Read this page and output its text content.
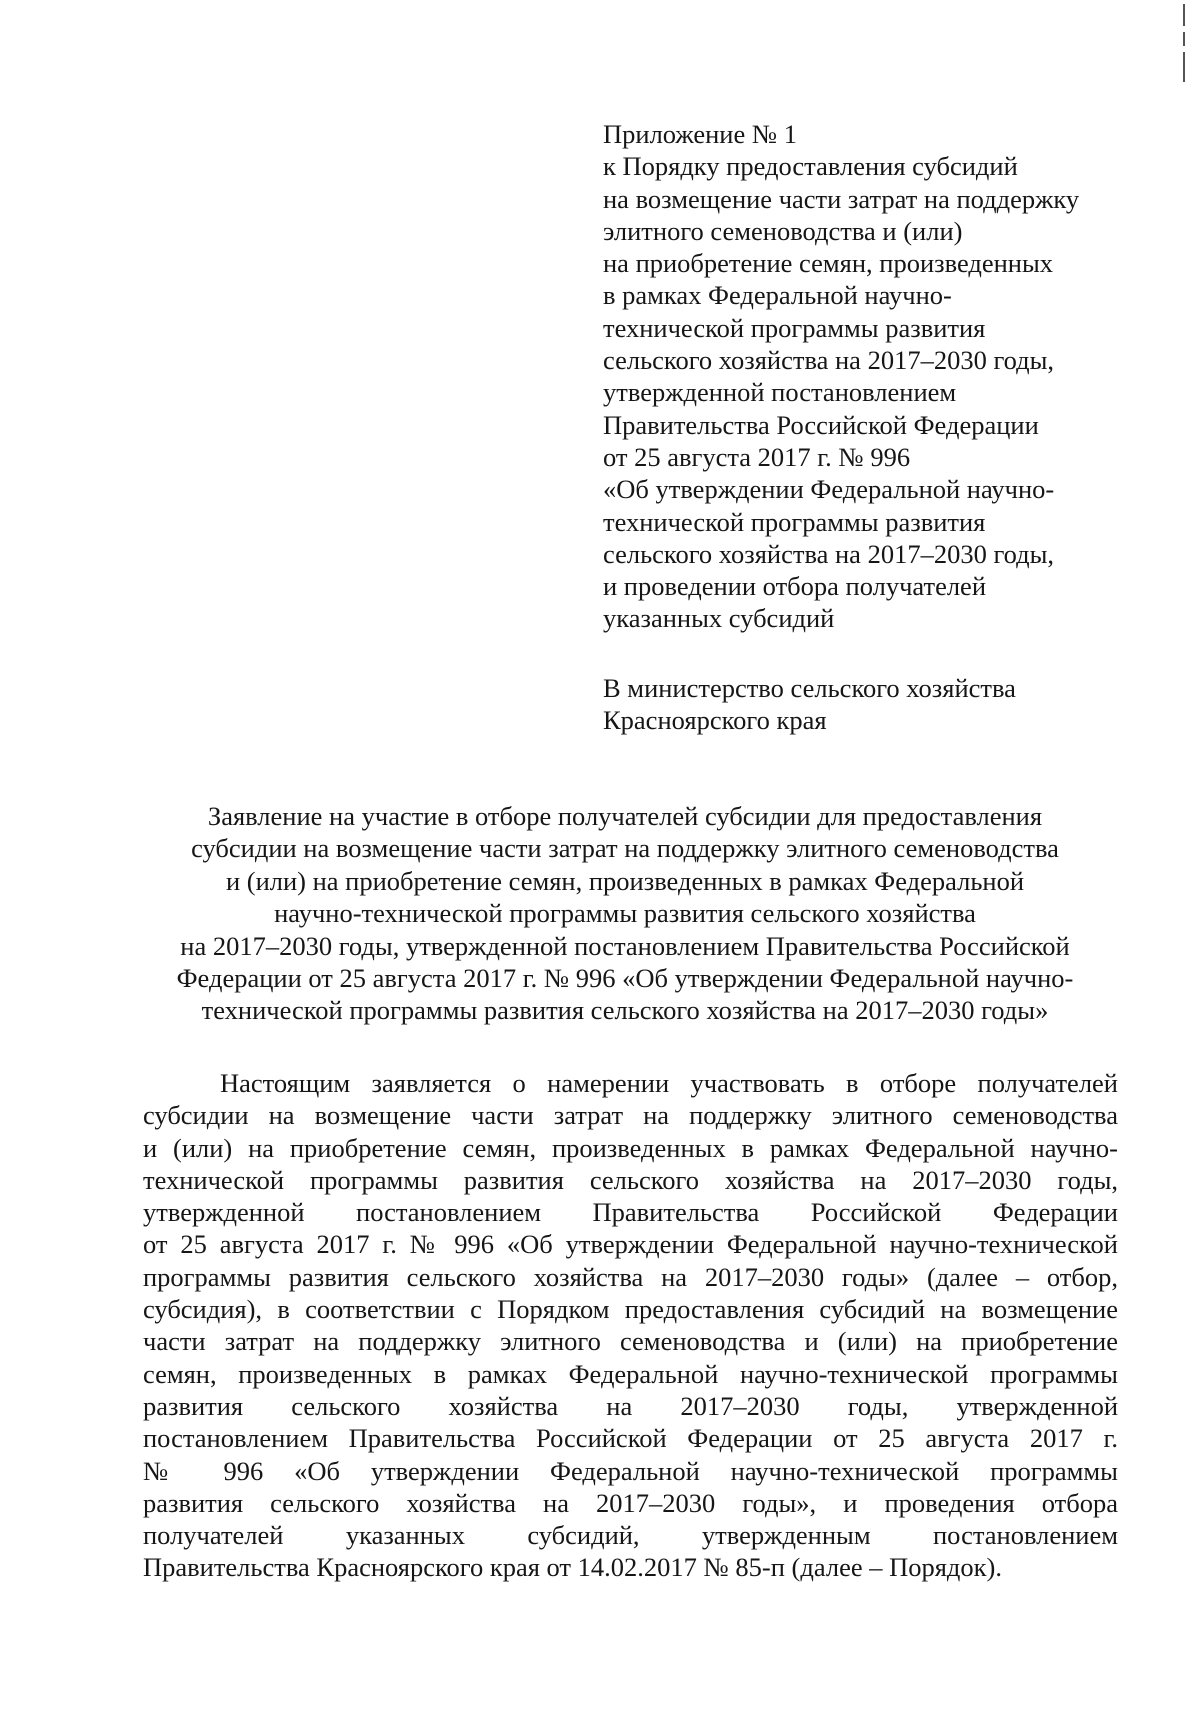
Приложение № 1
к Порядку предоставления субсидий
на возмещение части затрат на поддержку
элитного семеноводства и (или)
на приобретение семян, произведенных
в рамках Федеральной научно-
технической программы развития
сельского хозяйства на 2017–2030 годы,
утвержденной постановлением
Правительства Российской Федерации
от 25 августа 2017 г. № 996
«Об утверждении Федеральной научно-
технической программы развития
сельского хозяйства на 2017–2030 годы,
и проведении отбора получателей
указанных субсидий
В министерство сельского хозяйства
Красноярского края
Заявление на участие в отборе получателей субсидии для предоставления
субсидии на возмещение части затрат на поддержку элитного семеноводства
и (или) на приобретение семян, произведенных в рамках Федеральной
научно-технической программы развития сельского хозяйства
на 2017–2030 годы, утвержденной постановлением Правительства Российской
Федерации от 25 августа 2017 г. № 996 «Об утверждении Федеральной научно-
технической программы развития сельского хозяйства на 2017–2030 годы»
Настоящим заявляется о намерении участвовать в отборе получателей
субсидии на возмещение части затрат на поддержку элитного семеноводства
и (или) на приобретение семян, произведенных в рамках Федеральной научно-
технической программы развития сельского хозяйства на 2017–2030 годы,
утвержденной постановлением Правительства Российской Федерации
от 25 августа 2017 г. № 996 «Об утверждении Федеральной научно-технической
программы развития сельского хозяйства на 2017–2030 годы» (далее – отбор,
субсидия), в соответствии с Порядком предоставления субсидий на возмещение
части затрат на поддержку элитного семеноводства и (или) на приобретение
семян, произведенных в рамках Федеральной научно-технической программы
развития сельского хозяйства на 2017–2030 годы, утвержденной
постановлением Правительства Российской Федерации от 25 августа 2017 г.
№ 996 «Об утверждении Федеральной научно-технической программы
развития сельского хозяйства на 2017–2030 годы», и проведения отбора
получателей указанных субсидий, утвержденным постановлением
Правительства Красноярского края от 14.02.2017 № 85-п (далее – Порядок).
